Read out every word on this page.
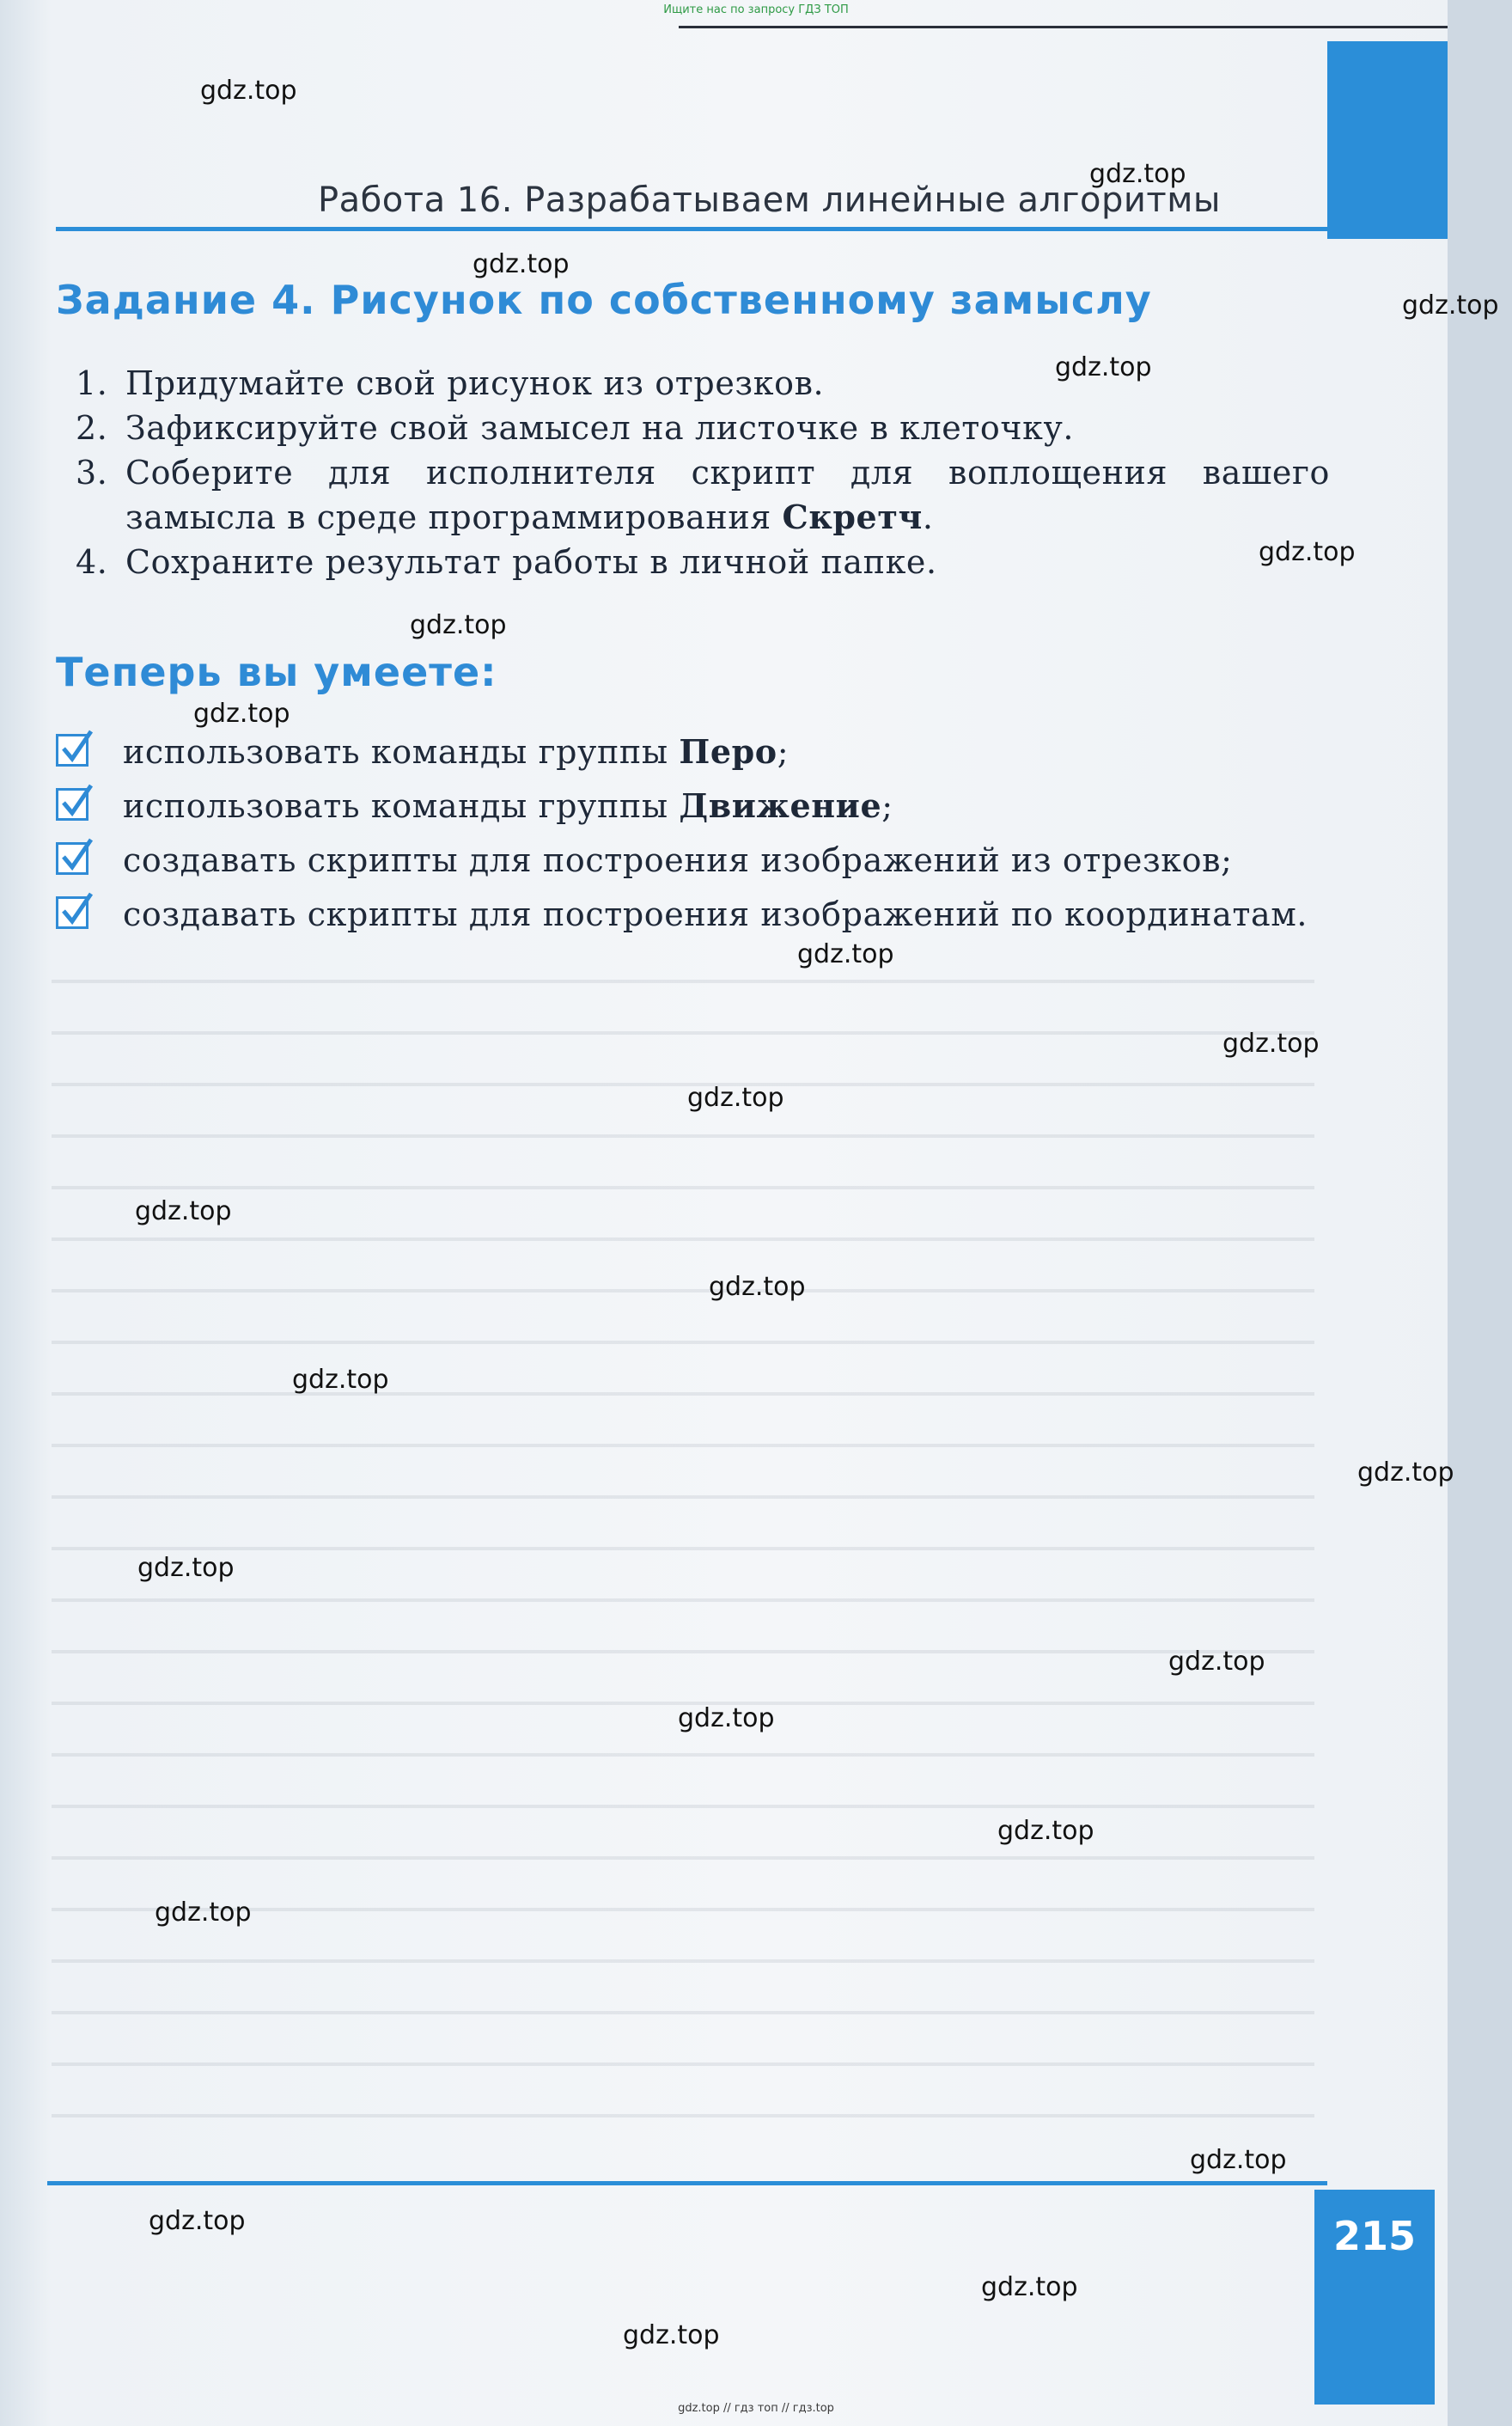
Ищите нас по запросу ГДЗ ТОП
Работа 16. Разрабатываем линейные алгоритмы
Задание 4. Рисунок по собственному замыслу
1. Придумайте свой рисунок из отрезков.
2. Зафиксируйте свой замысел на листочке в клеточку.
3. Соберите для исполнителя скрипт для воплощения вашего замысла в среде программирования Скретч.
4. Сохраните результат работы в личной папке.
Теперь вы умеете:
использовать команды группы Перо;
использовать команды группы Движение;
создавать скрипты для построения изображений из отрезков;
создавать скрипты для построения изображений по координатам.
215
gdz.top
gdz.top
gdz.top
gdz.top
gdz.top
gdz.top
gdz.top
gdz.top
gdz.top
gdz.top
gdz.top
gdz.top
gdz.top
gdz.top
gdz.top
gdz.top
gdz.top
gdz.top
gdz.top
gdz.top
gdz.top
gdz.top
gdz.top
gdz.top
gdz.top // гдз топ // гдз.top
